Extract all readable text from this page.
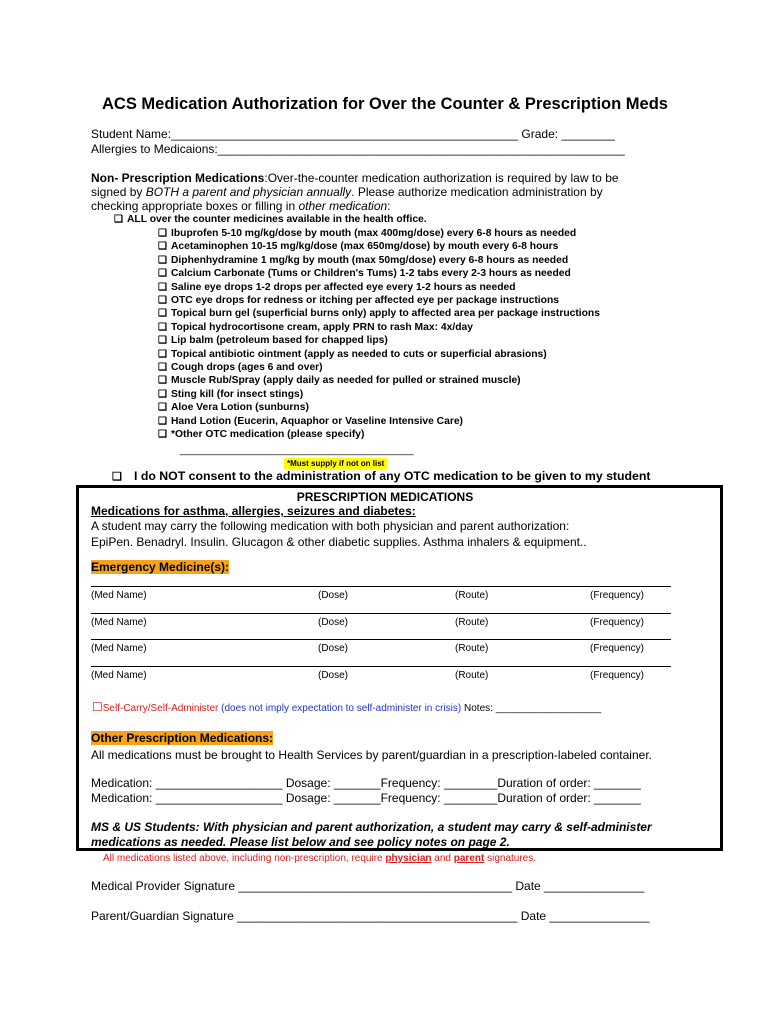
ACS Medication Authorization for Over the Counter & Prescription Meds
Student Name:____________________________________________________ Grade: ________
Allergies to Medicaions:_____________________________________________________________
Non- Prescription Medications:Over-the-counter medication authorization is required by law to be
signed by BOTH a parent and physician annually. Please authorize medication administration by
checking appropriate boxes or filling in other medication:
❑ ALL over the counter medicines available in the health office.
❑ Ibuprofen 5-10 mg/kg/dose by mouth (max 400mg/dose) every 6-8 hours as needed
❑ Acetaminophen 10-15 mg/kg/dose (max 650mg/dose) by mouth every 6-8 hours
❑ Diphenhydramine 1 mg/kg by mouth (max 50mg/dose) every 6-8 hours as needed
❑ Calcium Carbonate (Tums or Children's Tums) 1-2 tabs every 2-3 hours as needed
❑ Saline eye drops 1-2 drops per affected eye every 1-2 hours as needed
❑ OTC eye drops for redness or itching per affected eye per package instructions
❑ Topical burn gel (superficial burns only) apply to affected area per package instructions
❑ Topical hydrocortisone cream, apply PRN to rash Max: 4x/day
❑ Lip balm (petroleum based for chapped lips)
❑ Topical antibiotic ointment (apply as needed to cuts or superficial abrasions)
❑ Cough drops (ages 6 and over)
❑ Muscle Rub/Spray (apply daily as needed for pulled or strained muscle)
❑ Sting kill (for insect stings)
❑ Aloe Vera Lotion (sunburns)
❑ Hand Lotion (Eucerin, Aquaphor or Vaseline Intensive Care)
❑ *Other OTC medication (please specify)
__________________________________________
*Must supply if not on list
❑ I do NOT consent to the administration of any OTC medication to be given to my student
PRESCRIPTION MEDICATIONS
Medications for asthma, allergies, seizures and diabetes:
A student may carry the following medication with both physician and parent authorization:
EpiPen. Benadryl. Insulin. Glucagon & other diabetic supplies. Asthma inhalers & equipment..
Emergency Medicine(s):
(Med Name)	(Dose)	(Route)	(Frequency)
(Med Name)	(Dose)	(Route)	(Frequency)
(Med Name)	(Dose)	(Route)	(Frequency)
(Med Name)	(Dose)	(Route)	(Frequency)
☐Self-Carry/Self-Administer (does not imply expectation to self-administer in crisis) Notes: ___________________
Other Prescription Medications:
All medications must be brought to Health Services by parent/guardian in a prescription-labeled container.
Medication: ___________________ Dosage: _______Frequency: ________Duration of order: _______
Medication: ___________________ Dosage: _______Frequency: ________Duration of order: _______
MS & US Students: With physician and parent authorization, a student may carry & self-administer
medications as needed. Please list below and see policy notes on page 2.
All medications listed above, including non-prescription, require physician and parent signatures.
Medical Provider Signature _________________________________________ Date _______________
Parent/Guardian Signature __________________________________________ Date _______________
